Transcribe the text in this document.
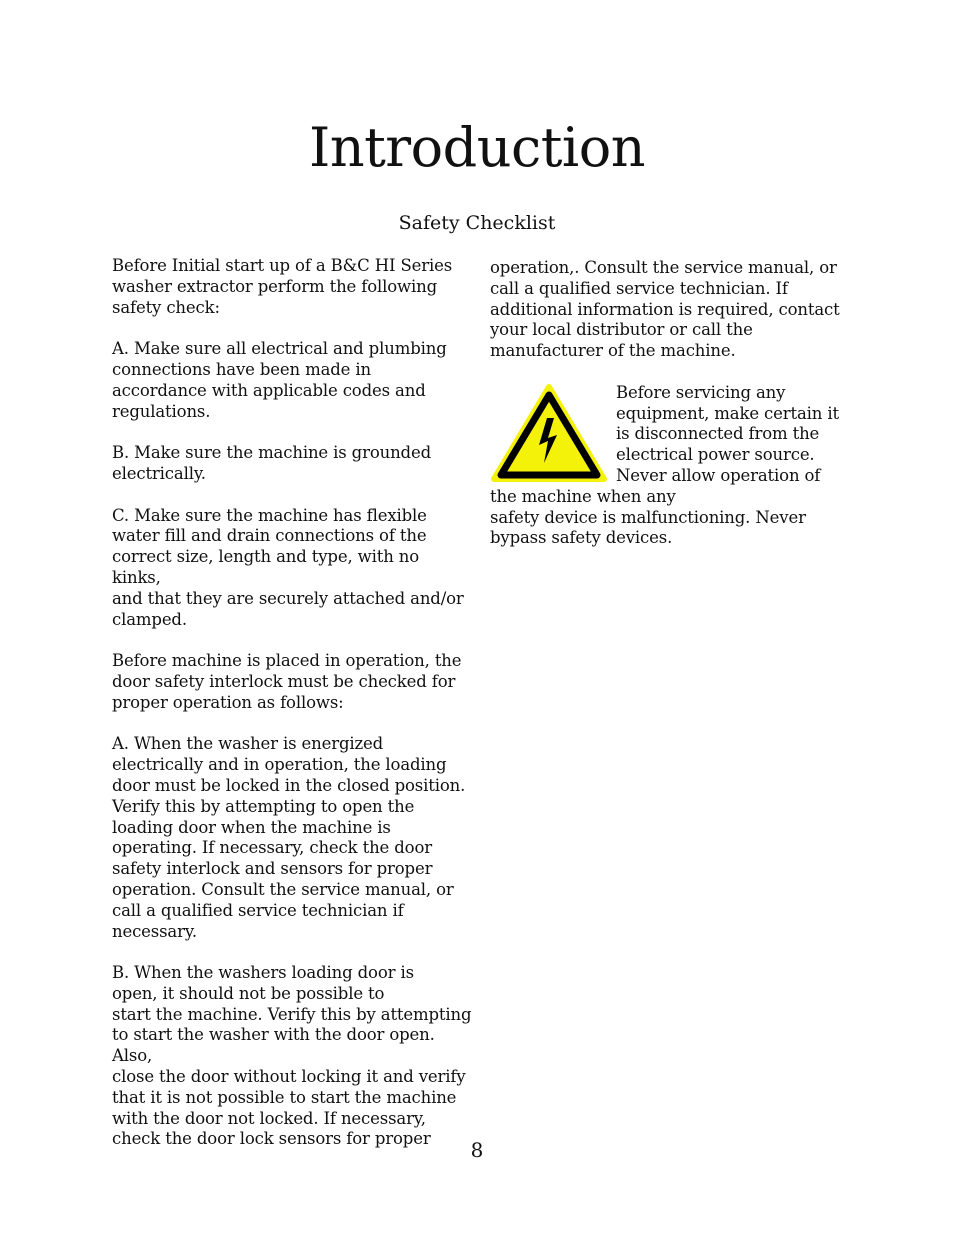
Introduction

Safety Checklist

Before Initial start up of a B&C HI Series
washer extractor perform the following
safety check:

A. Make sure all electrical and plumbing
connections have been made in
accordance with applicable codes and
regulations.

B. Make sure the machine is grounded
electrically.

C. Make sure the machine has flexible
water fill and drain connections of the
correct size, length and type, with no kinks,
and that they are securely attached and/or
clamped.

Before machine is placed in operation, the
door safety interlock must be checked for
proper operation as follows:

A. When the washer is energized
electrically and in operation, the loading
door must be locked in the closed position.
Verify this by attempting to open the
loading door when the machine is
operating. If necessary, check the door
safety interlock and sensors for proper
operation. Consult the service manual, or
call a qualified service technician if
necessary.

B. When the washers loading door is
open, it should not be possible to
start the machine. Verify this by attempting
to start the washer with the door open. Also,
close the door without locking it and verify
that it is not possible to start the machine
with the door not locked. If necessary,
check the door lock sensors for proper

operation,. Consult the service manual, or
call a qualified service technician. If
additional information is required, contact
your local distributor or call the
manufacturer of the machine.

Before servicing any
equipment, make certain it
is disconnected from the
electrical power source.
Never allow operation of
the machine when any
safety device is malfunctioning. Never
bypass safety devices.

8
